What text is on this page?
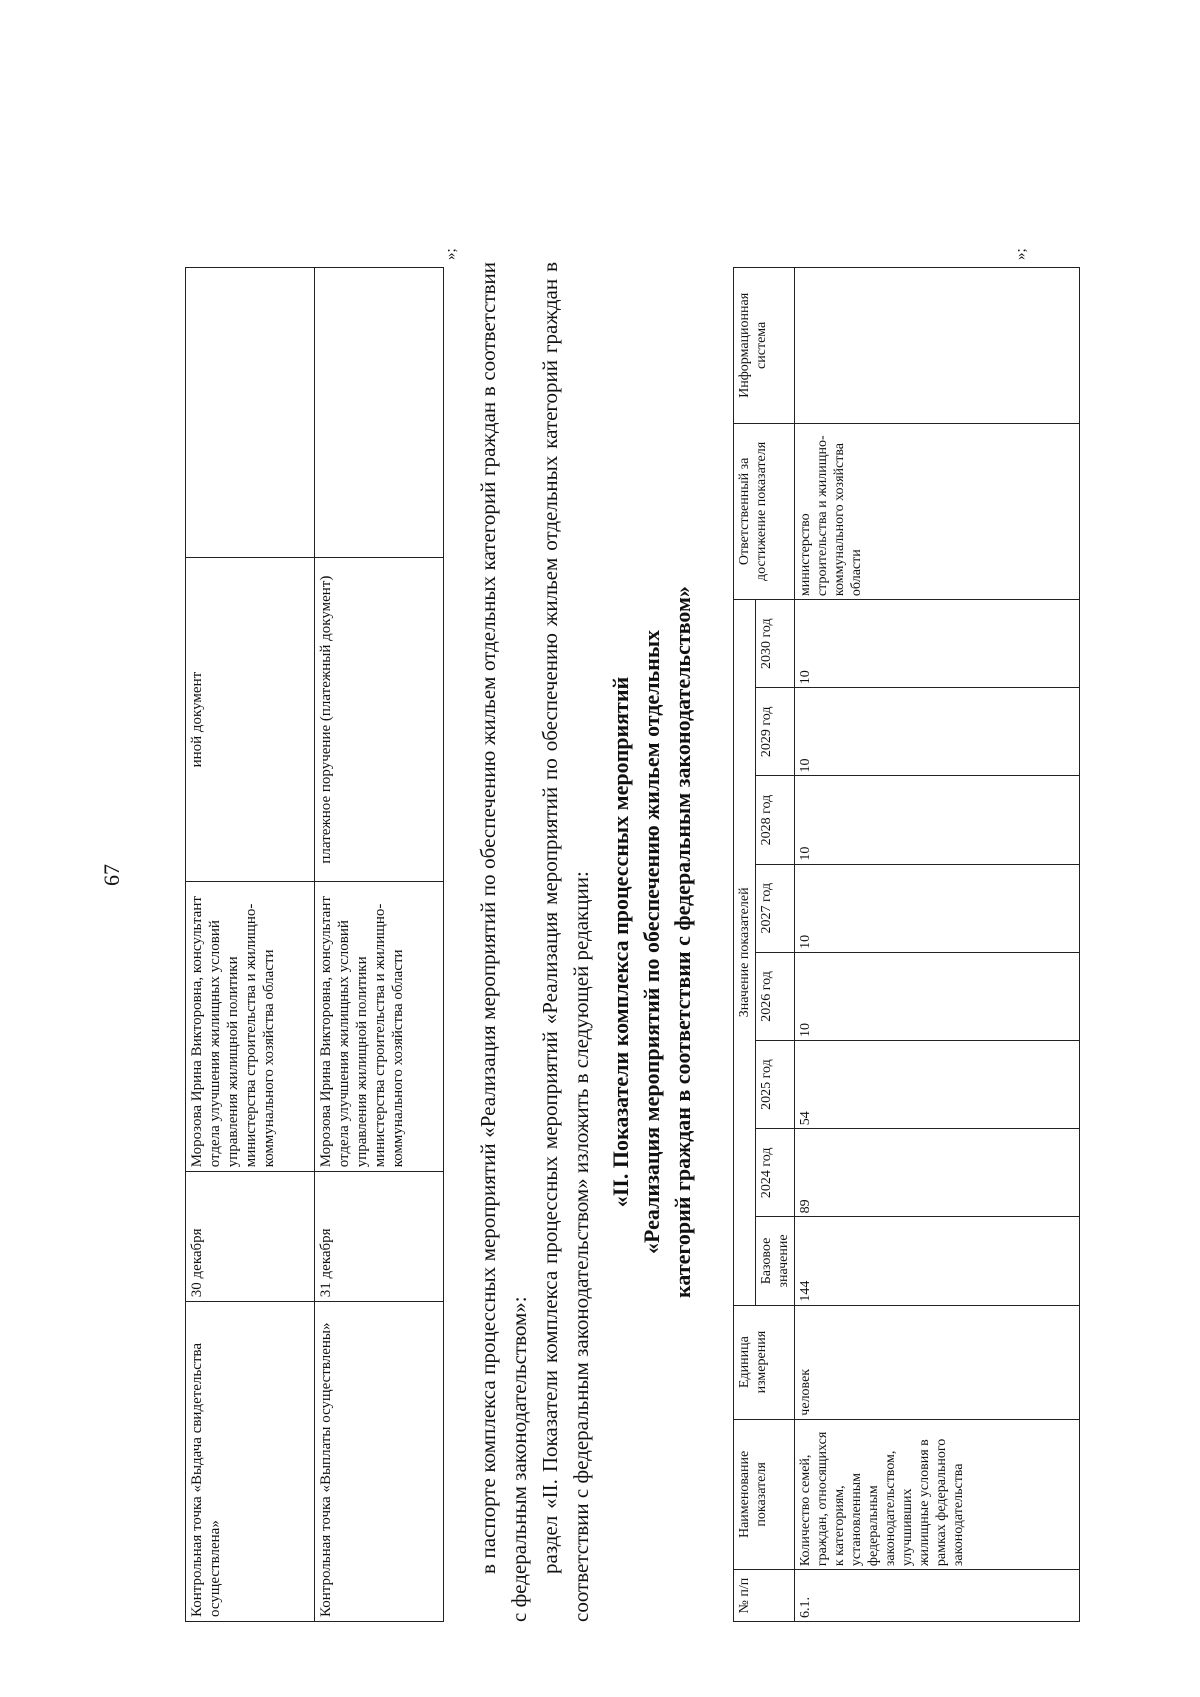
67
Контрольная точка «Выдача свидетельства осуществлена»	30 декабря	Морозова Ирина Викторовна, консультант отдела улучшения жилищных условий управления жилищной политики министерства строительства и жилищно-коммунального хозяйства области	иной документ	
Контрольная точка «Выплаты осуществлены»	31 декабря	Морозова Ирина Викторовна, консультант отдела улучшения жилищных условий управления жилищной политики министерства строительства и жилищно-коммунального хозяйства области	платежное поручение (платежный документ)	
»;

в паспорте комплекса процессных мероприятий «Реализация мероприятий по обеспечению жильем отдельных категорий граждан в соответствии с федеральным законодательством»: раздел «II. Показатели комплекса процессных мероприятий «Реализация мероприятий по обеспечению жильем отдельных категорий граждан в соответствии с федеральным законодательством» изложить в следующей редакции: «II. Показатели комплекса процессных мероприятий «Реализация мероприятий по обеспечению жильем отдельных категорий граждан в соответствии с федеральным законодательством»
№ п/п	Наименование показателя	Единица измерения	Значение показателей								Ответственный за достижение показателя	Информационная система
			Базовое значение	2024 год	2025 год	2026 год	2027 год	2028 год	2029 год	2030 год		
6.1.	Количество семей, граждан, относящихся к категориям, установленным федеральным законодательством, улучшивших жилищные условия в рамках федерального законодательства	человек	144	89	54	10	10	10	10	10	министерство строительства и жилищно-коммунального хозяйства области	
»;
